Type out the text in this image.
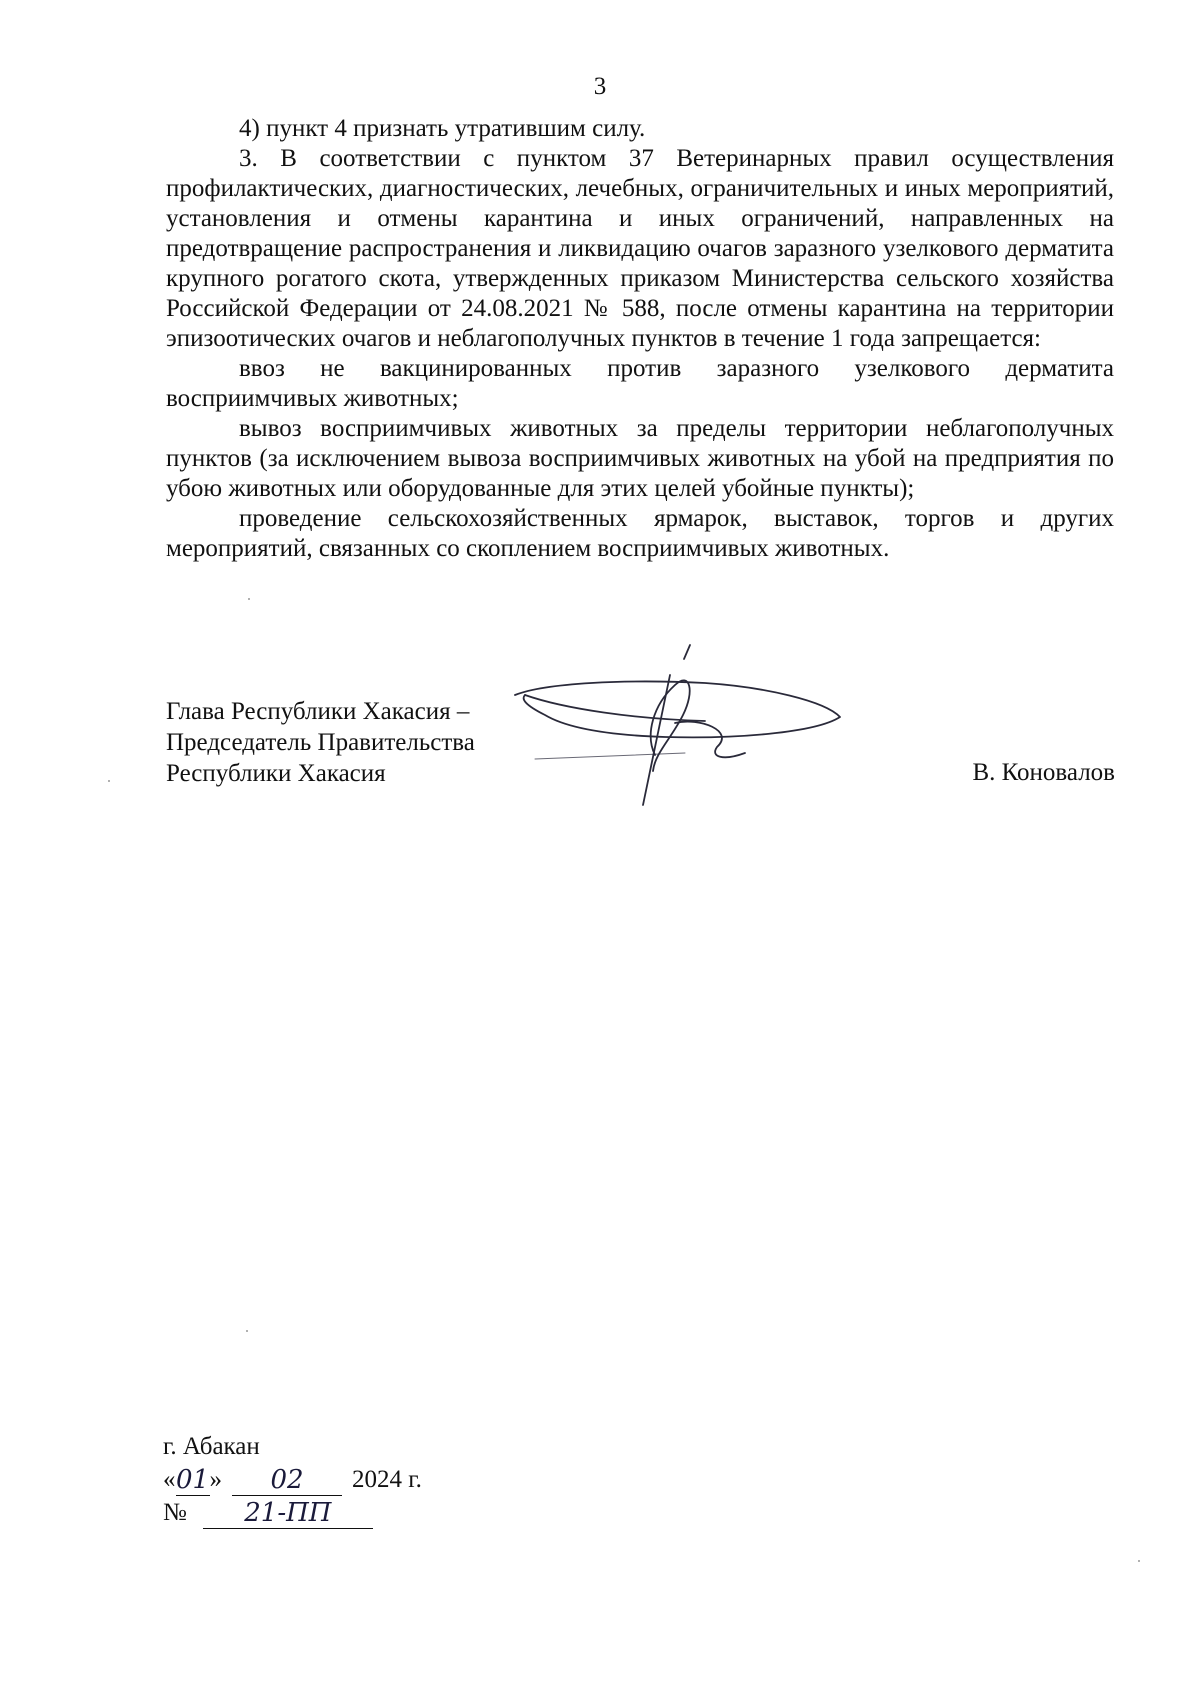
3

4) пункт 4 признать утратившим силу.

3. В соответствии с пунктом 37 Ветеринарных правил осуществления профилактических, диагностических, лечебных, ограничительных и иных мероприятий, установления и отмены карантина и иных ограничений, направленных на предотвращение распространения и ликвидацию очагов заразного узелкового дерматита крупного рогатого скота, утвержденных приказом Министерства сельского хозяйства Российской Федерации от 24.08.2021 № 588, после отмены карантина на территории эпизоотических очагов и неблагополучных пунктов в течение 1 года запрещается:

ввоз не вакцинированных против заразного узелкового дерматита восприимчивых животных;

вывоз восприимчивых животных за пределы территории неблагополучных пунктов (за исключением вывоза восприимчивых животных на убой на предприятия по убою животных или оборудованные для этих целей убойные пункты);

проведение сельскохозяйственных ярмарок, выставок, торгов и других мероприятий, связанных со скоплением восприимчивых животных.

Глава Республики Хакасия –
Председатель Правительства
Республики Хакасия	В. Коновалов
г. Абакан
« 01 »	02	2024 г.
№	21-ПП
